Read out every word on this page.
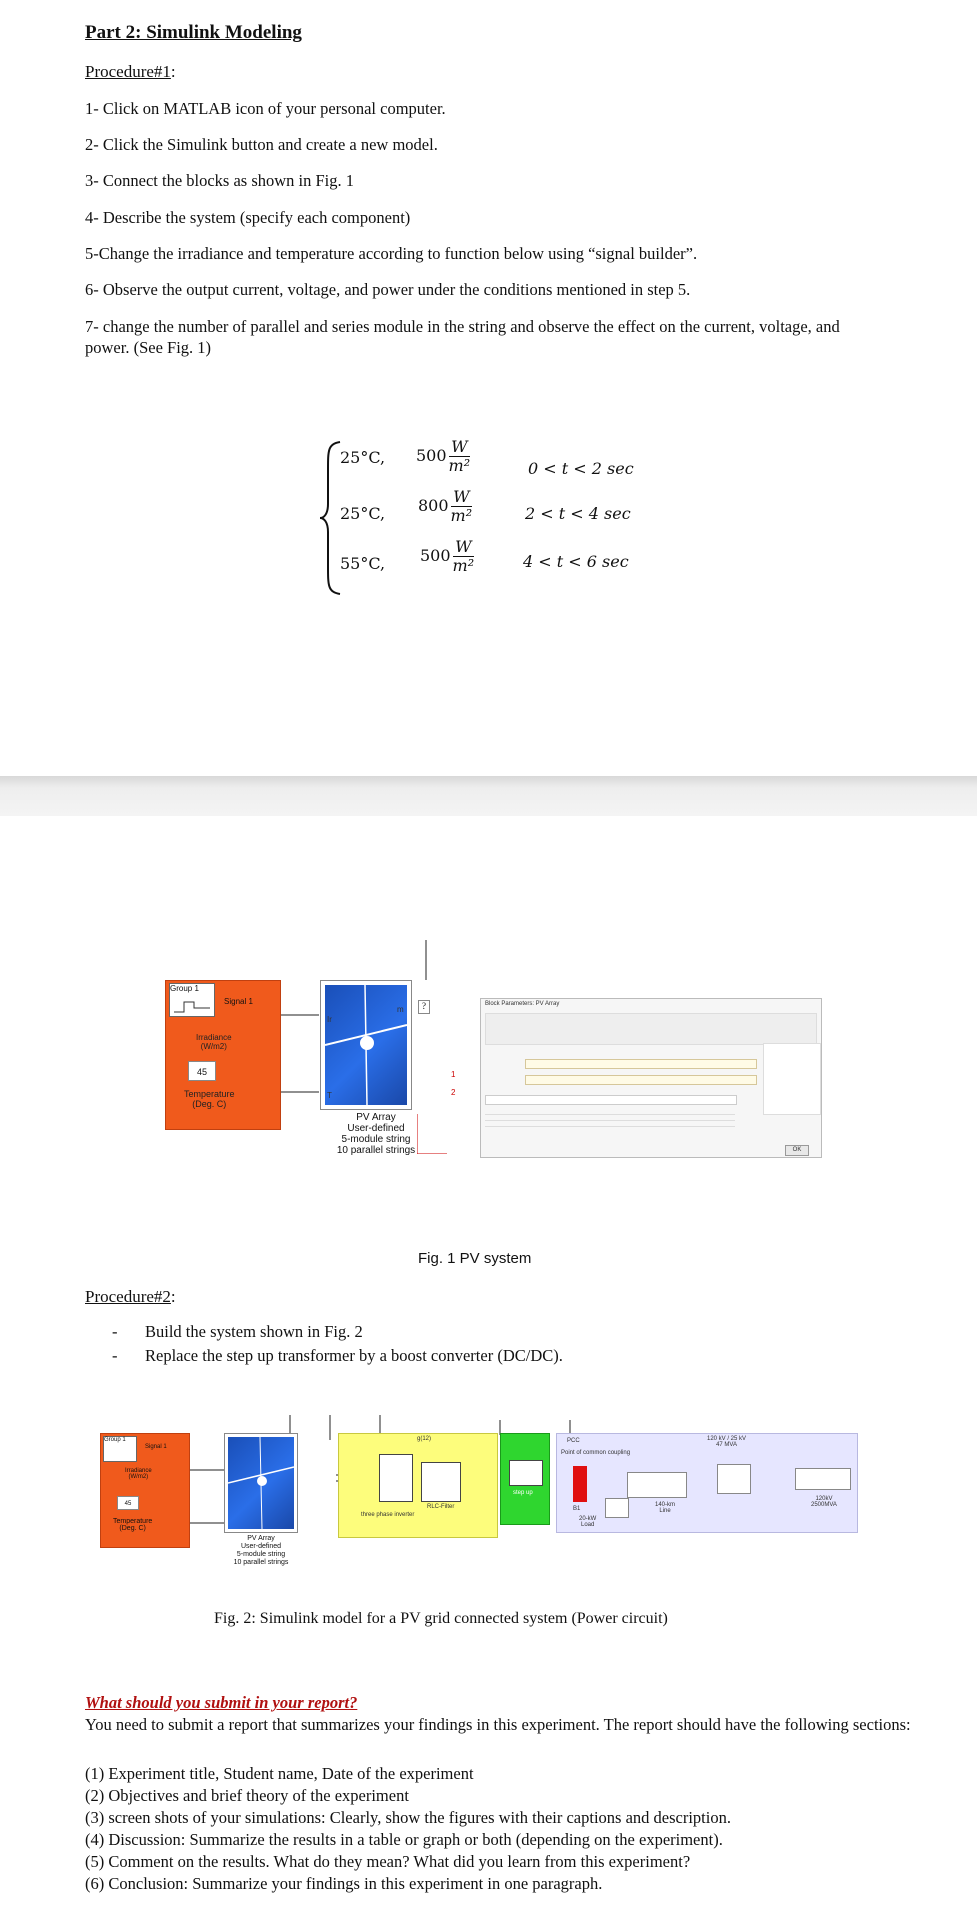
Part 2: Simulink Modeling
Procedure#1:
1- Click on MATLAB icon of your personal computer.
2- Click the Simulink button and create a new model.
3- Connect the blocks as shown in Fig. 1
4- Describe the system (specify each component)
5-Change the irradiance and temperature according to function below using “signal builder”.
6- Observe the output current, voltage, and power under the conditions mentioned in step 5.
7- change the number of parallel and series module in the string and observe the effect on the current, voltage, and power. (See Fig. 1)
25°C, $500 \frac{W}{\text{m²}}$	0 < t < 2 sec
25°C, $800 \frac{W}{\text{m²}}$	2 < t < 4 sec
55°C, $500 \frac{W}{\text{m²}}$	4 < t < 6 sec
Group 1
Signal 1
Irradiance
(W/m2)
45
Temperature
(Deg. C)
Ir
T
m
PV Array
User-defined
5-module string
10 parallel strings
?
1
2
Block Parameters: PV Array
OK
Fig. 1 PV system
Procedure#2:
- Build the system shown in Fig. 2
- Replace the step up transformer by a boost converter (DC/DC).
Group 1
Signal 1
Irradiance
(W/m2)
45
Temperature
(Deg. C)
PV Array
User-defined
5-module string
10 parallel strings
g(12)
three phase inverter
RLC-Filter
step up
PCC
Point of common coupling
B1
140-km
Line
20-kW
Load
120 kV / 25 kV
47 MVA
120kV
2500MVA
Fig. 2: Simulink model for a PV grid connected system (Power circuit)
What should you submit in your report?
You need to submit a report that summarizes your findings in this experiment. The report should have the following sections:
(1) Experiment title, Student name, Date of the experiment
(2) Objectives and brief theory of the experiment
(3) screen shots of your simulations: Clearly, show the figures with their captions and description.
(4) Discussion: Summarize the results in a table or graph or both (depending on the experiment).
(5) Comment on the results. What do they mean? What did you learn from this experiment?
(6) Conclusion: Summarize your findings in this experiment in one paragraph.
